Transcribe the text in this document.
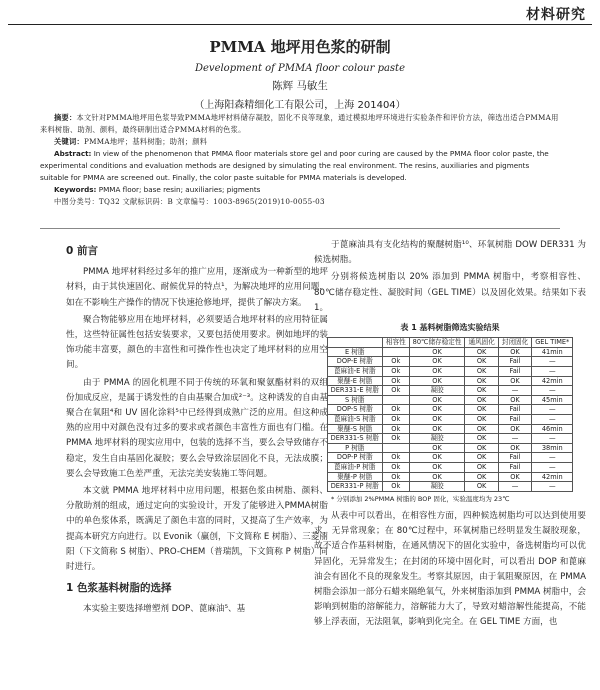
材料研究
PMMA 地坪用色浆的研制
Development of PMMA floor colour paste
陈辉 马敏生
（上海阳森精细化工有限公司，上海 201404）

摘要：本文针对PMMA地坪用色浆导致PMMA地坪材料储存凝胶，固化不良等现象，通过模拟地坪环境进行实验条件和评价方法，筛选出适合PMMA用来料树脂、助剂、颜料，最终研制出适合PMMA材料的色浆。

关键词：PMMA地坪；基料树脂；助剂；颜料

Abstract: In view of the phenomenon that PMMA floor materials store gel and poor curing are caused by the PMMA floor color paste, the experimental conditions and evaluation methods are designed by simulating the real environment. The resins, auxiliaries and pigments suitable for PMMA are screened out. Finally, the color paste suitable for PMMA materials is developed.

Keywords: PMMA floor; base resin; auxiliaries; pigments

中图分类号：TQ32 文献标识码：B 文章编号：1003-8965(2019)10-0055-03

0 前言

PMMA 地坪材料经过多年的推广应用，逐渐成为一种新型的地坪材料，由于其快速固化、耐候优异的特点¹，为解决地坪的应用问题，如在不影响生产操作的情况下快速抢修地坪，提供了解决方案。

聚合物能够应用在地坪材料，必须要适合地坪材料的应用特征属性，这些特征属性包括安装要求，又要包括使用要求。例如地坪的装饰功能丰富要，颜色的丰富性和可操作性也决定了地坪材料的应用空间。

由于 PMMA 的固化机理不同于传统的环氧和聚氨酯材料的双组份加成反应，是属于诱发性的自由基聚合加成²⁻³。这种诱发的自由基聚合在氧阻⁴和 UV 固化涂料⁵中已经得到成熟广泛的应用。但这种成熟的应用中对颜色没有过多的要求或者颜色丰富性方面也有门槛。在 PMMA 地坪材料的现实应用中，包装的选择不当，要么会导致储存不稳定，发生自由基固化凝胶；要么会导致涂层固化不良，无法成膜；要么会导致施工色差严重，无法完美安装施工等问题。

本文就 PMMA 地坪材料中应用问题，根据色浆由树脂、颜料、分散助剂的组成，通过定向的实验设计，开发了能够进入PMMA树脂中的单色浆体系，既满足了颜色丰富的同时，又提高了生产效率，为提高本研究方向进行。以 Evonik（赢创，下文简称 E 树脂）、三菱丽阳（下文简称 S 树脂）、PRO-CHEM（普瑞凯，下文简称 P 树脂）同时进行。

1 色浆基料树脂的选择

本实验主要选择增塑剂 DOP、蓖麻油⁵、基

于蓖麻油具有支化结构的聚醚树脂¹⁰、环氧树脂 DOW DER331 为候选树脂。

分别将候选树脂以 20% 添加到 PMMA 树脂中，考察相容性、80℃储存稳定性、凝胶时间（GEL TIME）以及固化效果。结果如下表 1。

表 1 基料树脂筛选实验结果
	相容性	80℃储存稳定性	通风固化	封闭固化	GEL TIME*
E 树脂		OK	OK	OK	41min
DOP-E 树脂	Ok	OK	OK	Fail	—
蓖麻油-E 树脂	Ok	OK	OK	Fail	—
聚醚-E 树脂	Ok	OK	OK	OK	42min
DER331-E 树脂	Ok	凝胶	OK	—	—
S 树脂		OK	OK	OK	45min
DOP-S 树脂	Ok	OK	OK	Fail	—
蓖麻油-S 树脂	Ok	OK	OK	Fail	—
聚醚-S 树脂	Ok	OK	OK	OK	46min
DER331-S 树脂	Ok	凝胶	OK	—	—
P 树脂		OK	OK	OK	38min
DOP-P 树脂	Ok	OK	OK	Fail	—
蓖麻油-P 树脂	Ok	OK	OK	Fail	—
聚醚-P 树脂	Ok	OK	OK	OK	42min
DER331-P 树脂	Ok	凝胶	OK	—	—

* 分别添加 2%PMMA 树脂的 BOP 固化，实验温度均为 23℃

从表中可以看出，在相容性方面，四种候选树脂均可以达到使用要求，无异常现象；在 80℃过程中，环氧树脂已经明显发生凝胶现象，故不适合作基料树脂，在通风情况下的固化实验中，备选树脂均可以优异固化，无异常发生；在封闭的环境中固化时，可以看出 DOP 和蓖麻油会有固化不良的现象发生。考察其原因，由于氧阻聚原因，在 PMMA 树脂会添加一部分石蜡来隔绝氧气，外来树脂添加到 PMMA 树脂中，会影响到树脂的溶解能力，溶解能力大了，导致对蜡溶解性能提高，不能够上浮表面，无法阻氧，影响到化完全。在 GEL TIME 方面，也
